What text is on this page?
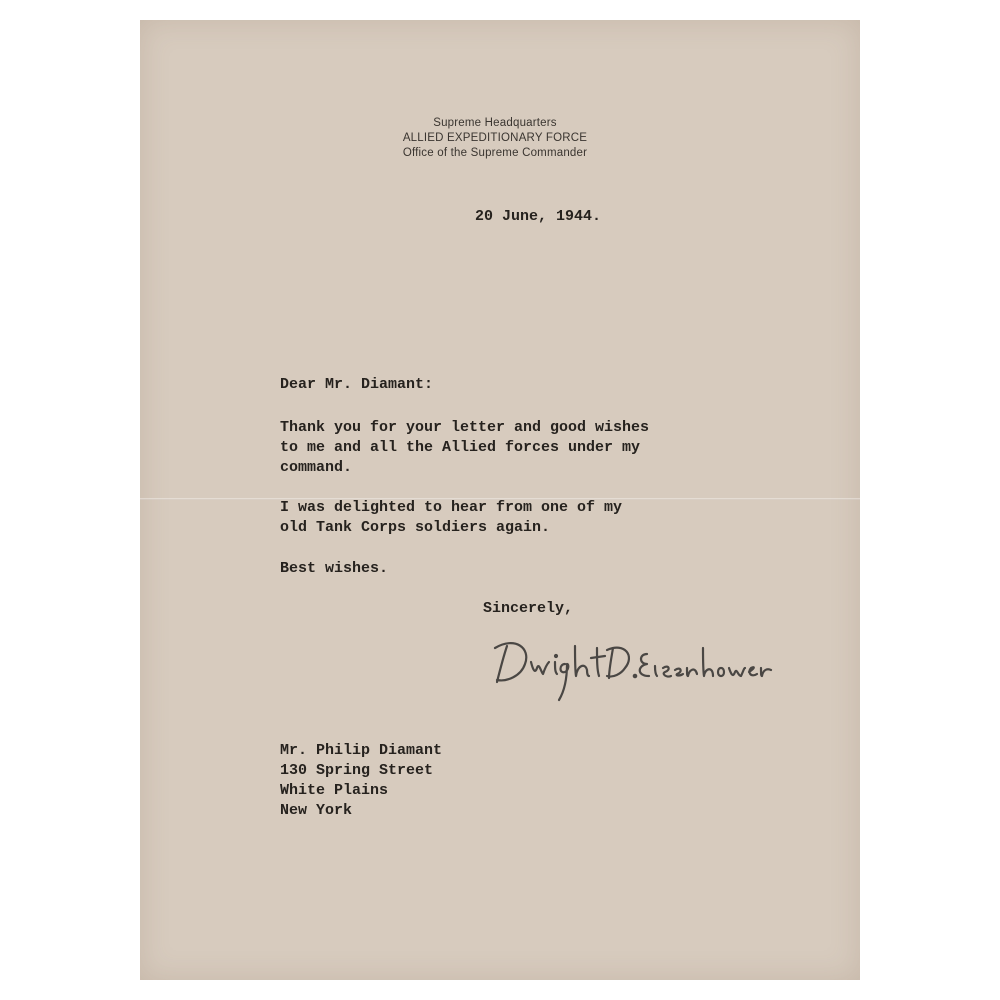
Supreme Headquarters
ALLIED EXPEDITIONARY FORCE
Office of the Supreme Commander
20 June, 1944.
Dear Mr. Diamant:
Thank you for your letter and good wishes
to me and all the Allied forces under my
command.
I was delighted to hear from one of my
old Tank Corps soldiers again.
Best wishes.
Sincerely,
Mr. Philip Diamant
130 Spring Street
White Plains
New York
